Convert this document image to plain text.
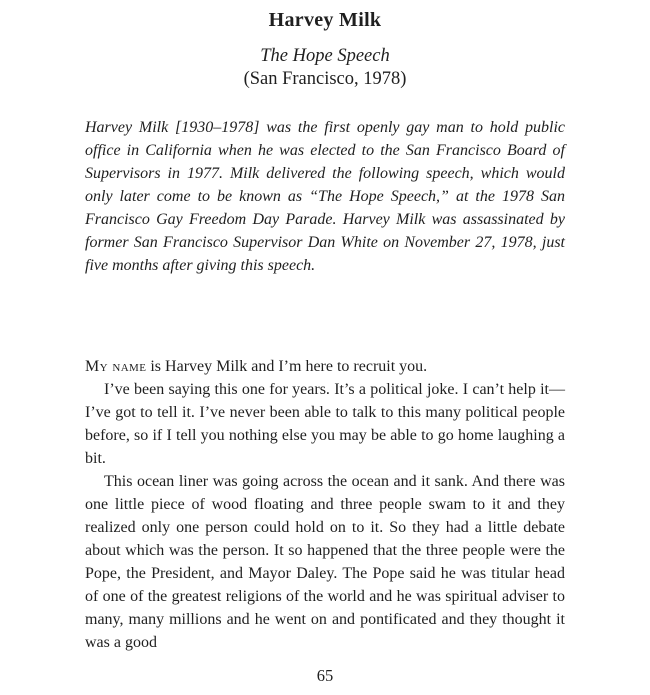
Harvey Milk
The Hope Speech
(San Francisco, 1978)

Harvey Milk [1930–1978] was the first openly gay man to hold public office in California when he was elected to the San Francisco Board of Supervisors in 1977. Milk delivered the following speech, which would only later come to be known as “The Hope Speech,” at the 1978 San Francisco Gay Freedom Day Parade. Harvey Milk was assassinated by former San Francisco Supervisor Dan White on November 27, 1978, just five months after giving this speech.

My name is Harvey Milk and I’m here to recruit you.

I’ve been saying this one for years. It’s a political joke. I can’t help it—I’ve got to tell it. I’ve never been able to talk to this many political people before, so if I tell you nothing else you may be able to go home laughing a bit.

This ocean liner was going across the ocean and it sank. And there was one little piece of wood floating and three people swam to it and they realized only one person could hold on to it. So they had a little debate about which was the person. It so happened that the three people were the Pope, the President, and Mayor Daley. The Pope said he was titular head of one of the greatest religions of the world and he was spiritual adviser to many, many millions and he went on and pontificated and they thought it was a good

65
